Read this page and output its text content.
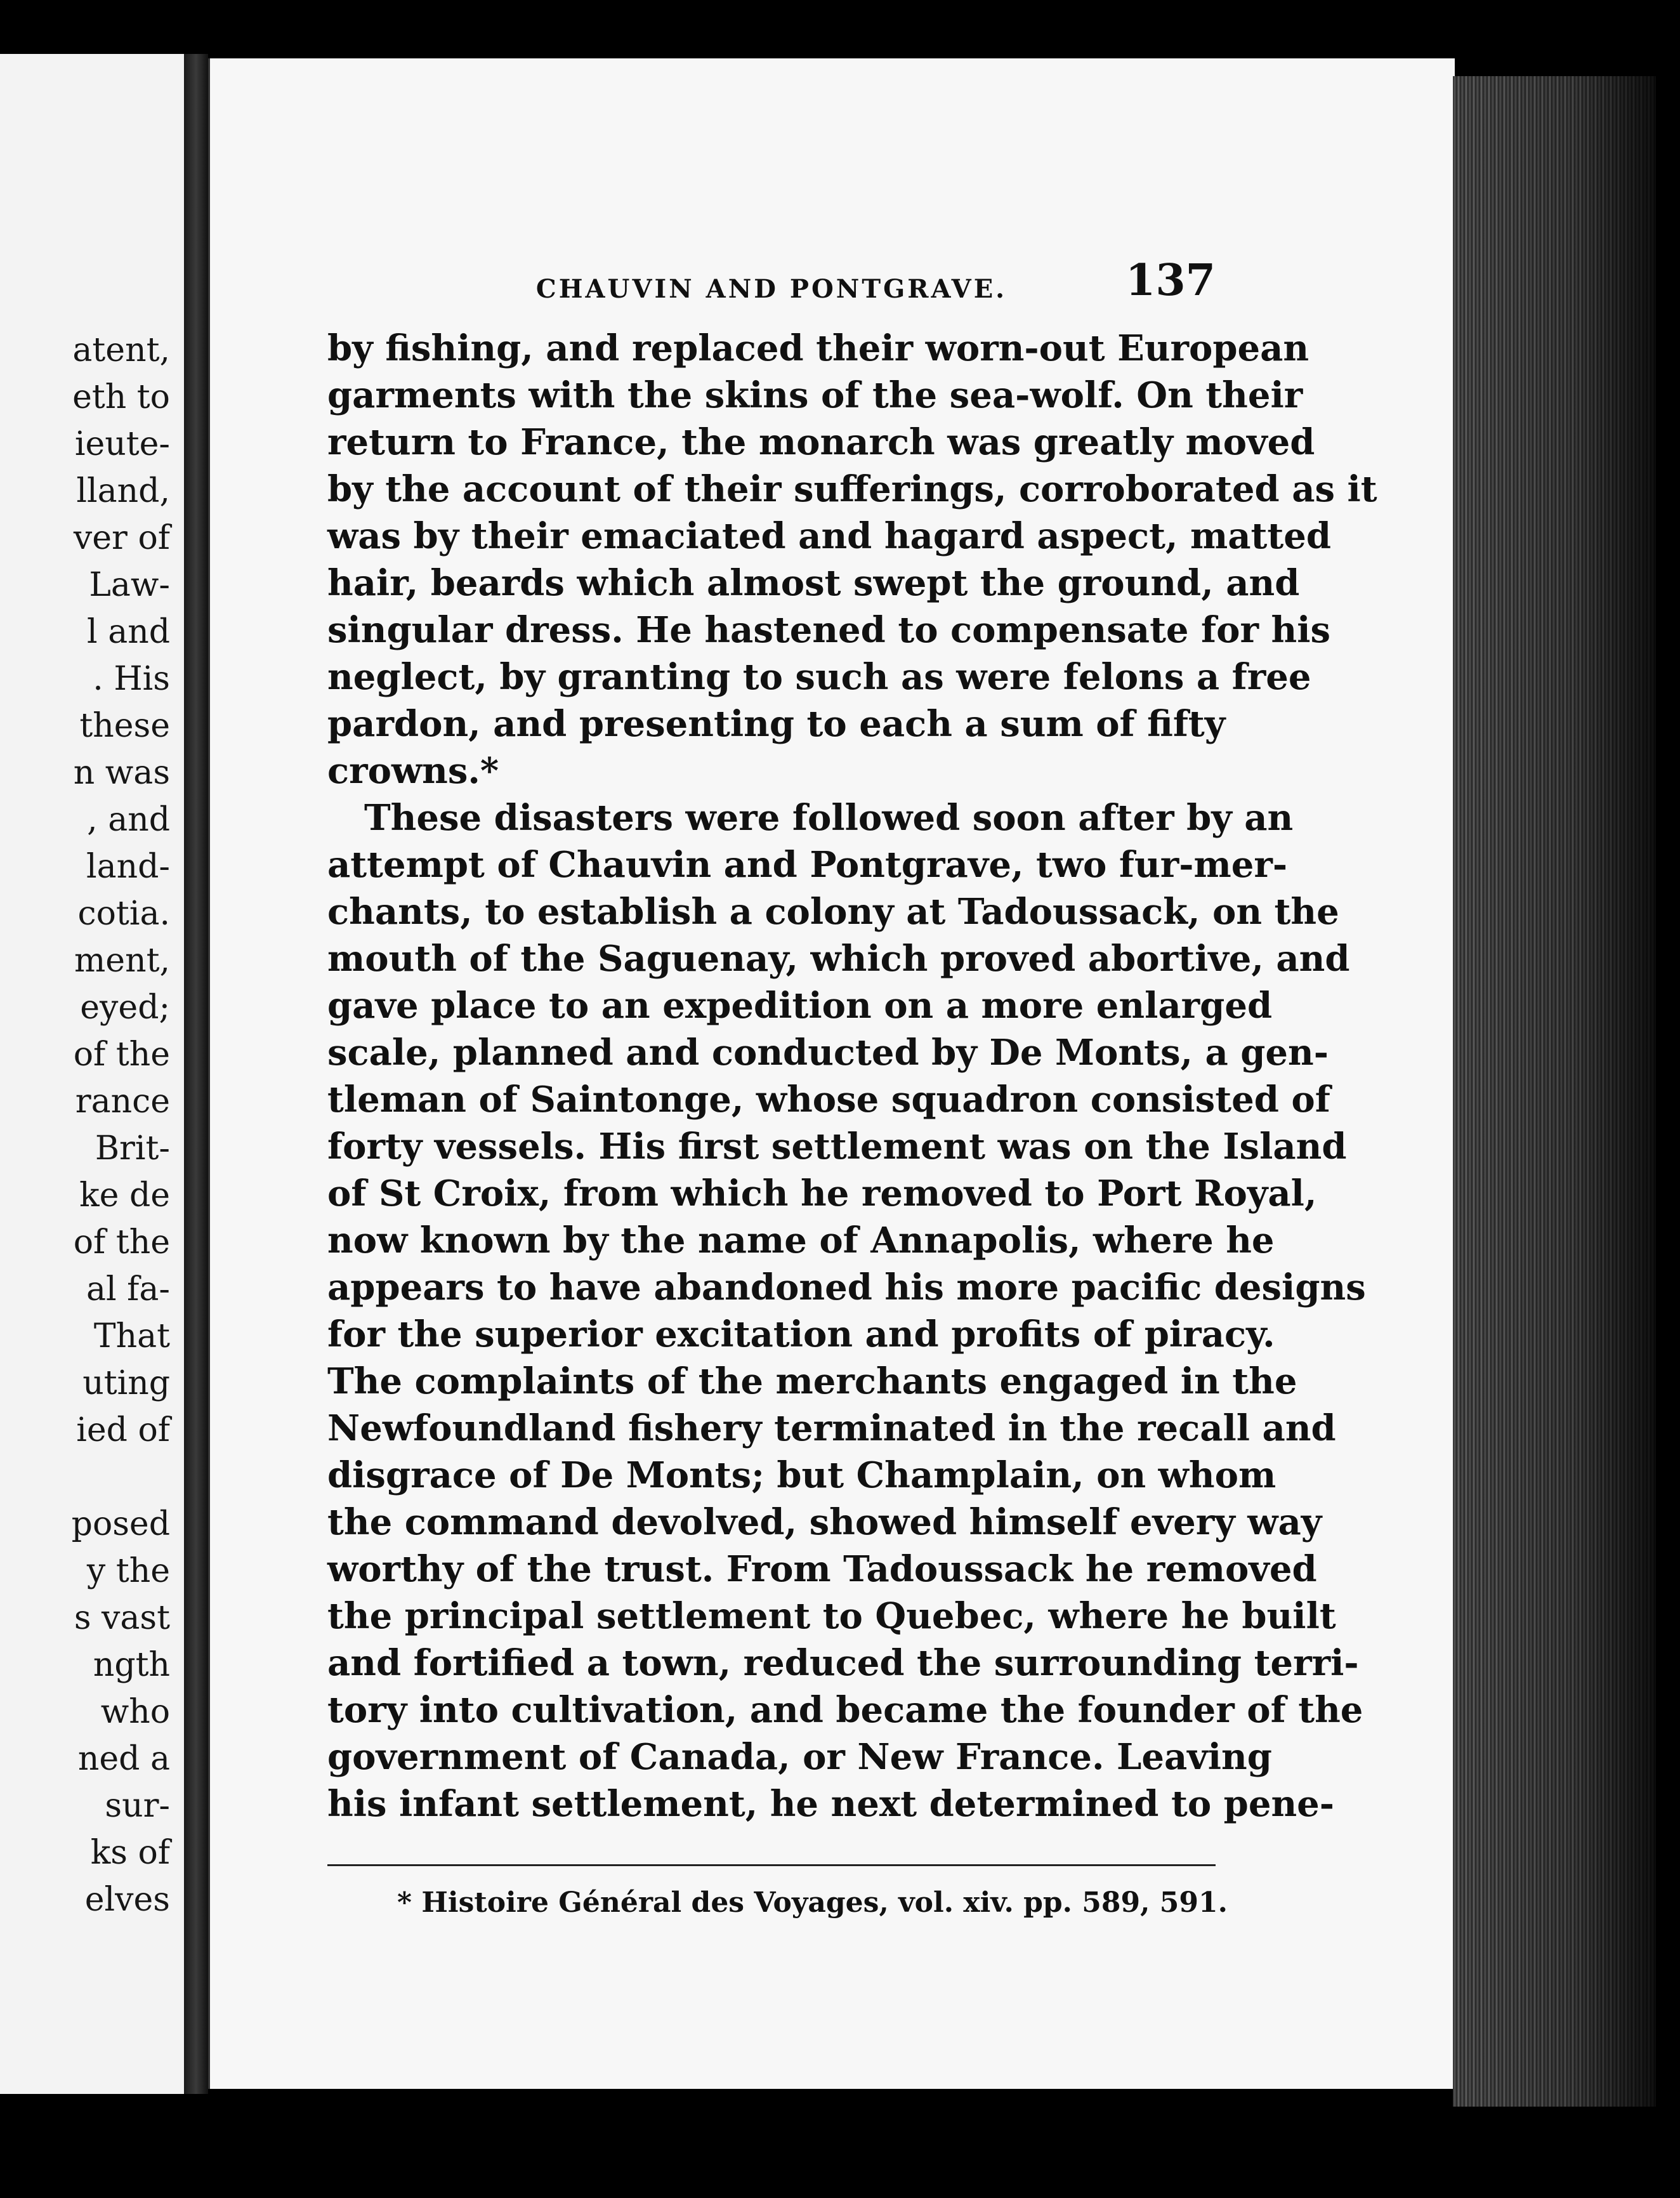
atent,
eth to
ieute-
lland,
ver of
Law-
l and
. His
these
n was
, and
land-
cotia.
ment,
eyed;
of the
rance
Brit-
ke de
of the
al fa-
That
uting
ied of

posed
y the
s vast
ngth
who
ned a
sur-
ks of
elves
CHAUVIN AND PONTGRAVE.	137
by fishing, and replaced their worn-out European
garments with the skins of the sea-wolf. On their
return to France, the monarch was greatly moved
by the account of their sufferings, corroborated as it
was by their emaciated and hagard aspect, matted
hair, beards which almost swept the ground, and
singular dress. He hastened to compensate for his
neglect, by granting to such as were felons a free
pardon, and presenting to each a sum of fifty
crowns.*
These disasters were followed soon after by an
attempt of Chauvin and Pontgrave, two fur-mer-
chants, to establish a colony at Tadoussack, on the
mouth of the Saguenay, which proved abortive, and
gave place to an expedition on a more enlarged
scale, planned and conducted by De Monts, a gen-
tleman of Saintonge, whose squadron consisted of
forty vessels. His first settlement was on the Island
of St Croix, from which he removed to Port Royal,
now known by the name of Annapolis, where he
appears to have abandoned his more pacific designs
for the superior excitation and profits of piracy.
The complaints of the merchants engaged in the
Newfoundland fishery terminated in the recall and
disgrace of De Monts; but Champlain, on whom
the command devolved, showed himself every way
worthy of the trust. From Tadoussack he removed
the principal settlement to Quebec, where he built
and fortified a town, reduced the surrounding terri-
tory into cultivation, and became the founder of the
government of Canada, or New France. Leaving
his infant settlement, he next determined to pene-
* Histoire Général des Voyages, vol. xiv. pp. 589, 591.
